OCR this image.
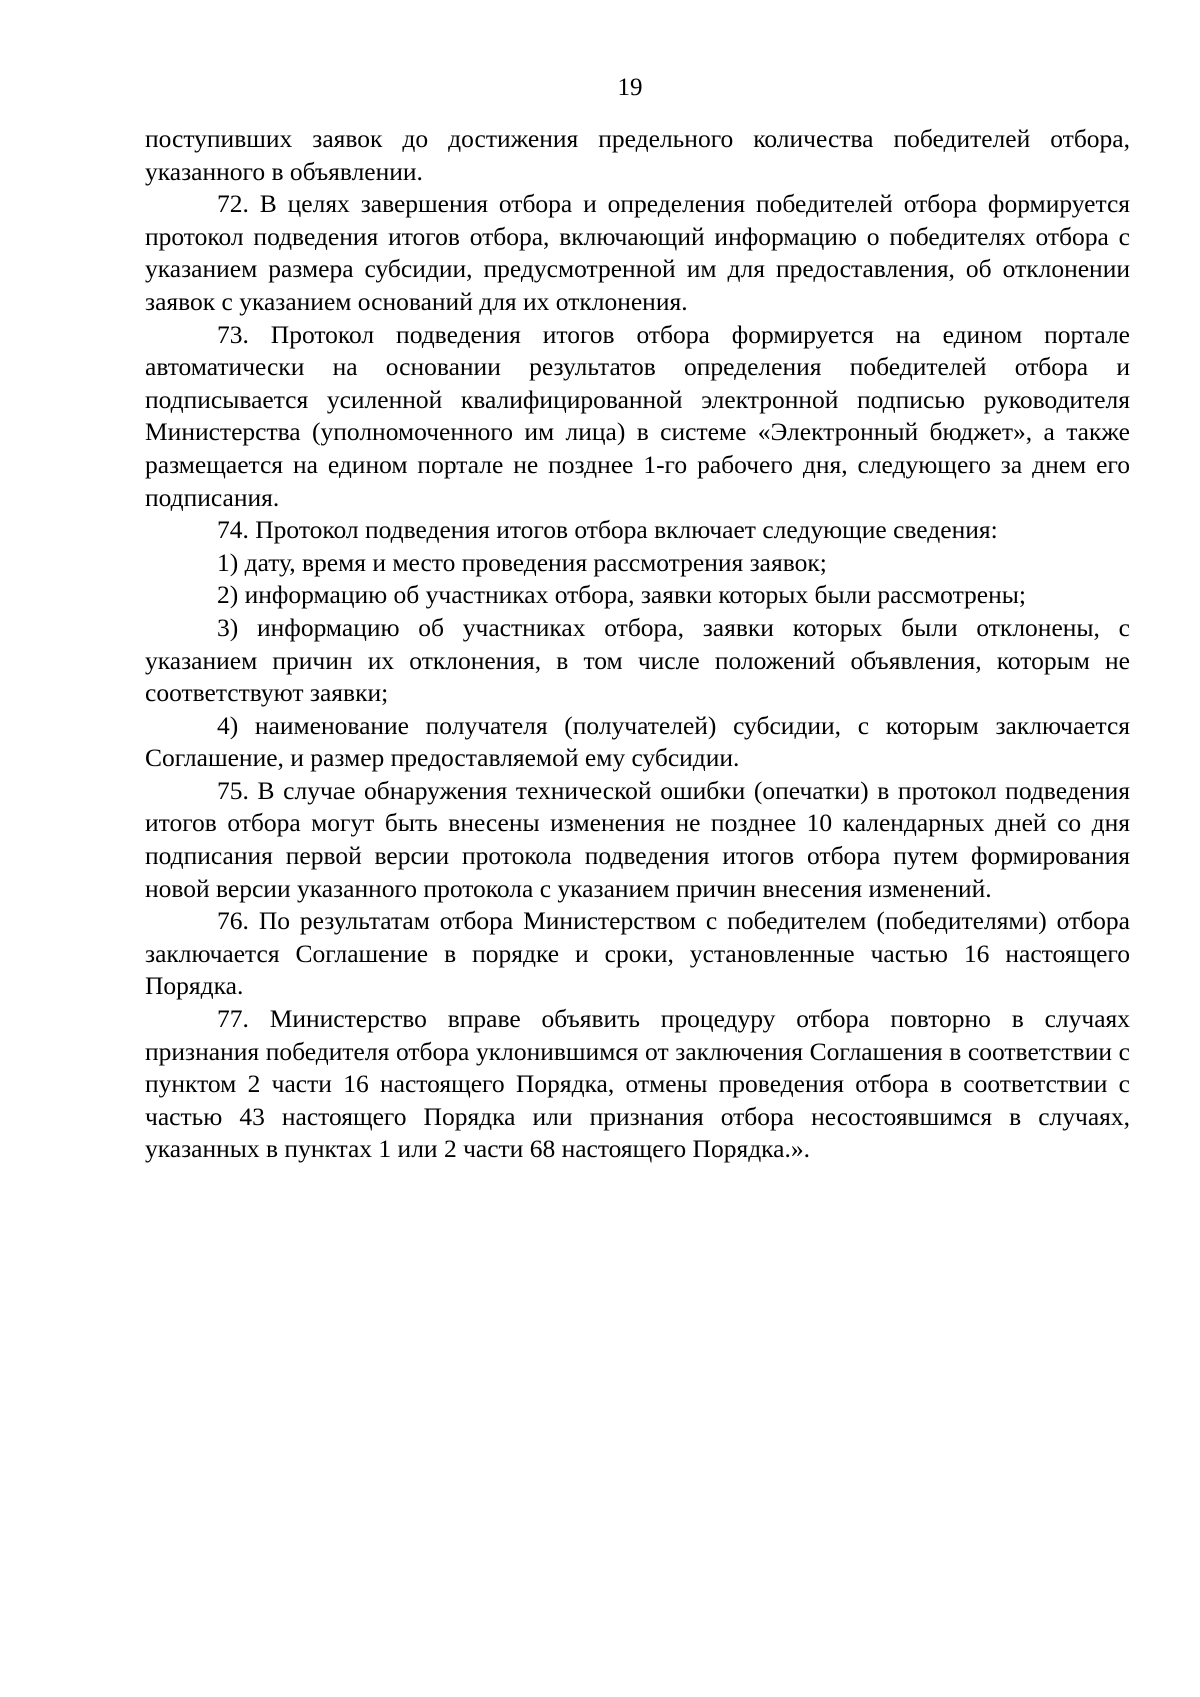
19

поступивших заявок до достижения предельного количества победителей отбора, указанного в объявлении.

72. В целях завершения отбора и определения победителей отбора формируется протокол подведения итогов отбора, включающий информацию о победителях отбора с указанием размера субсидии, предусмотренной им для предоставления, об отклонении заявок с указанием оснований для их отклонения.

73. Протокол подведения итогов отбора формируется на едином портале автоматически на основании результатов определения победителей отбора и подписывается усиленной квалифицированной электронной подписью руководителя Министерства (уполномоченного им лица) в системе «Электронный бюджет», а также размещается на едином портале не позднее 1-го рабочего дня, следующего за днем его подписания.

74. Протокол подведения итогов отбора включает следующие сведения:

1) дату, время и место проведения рассмотрения заявок;

2) информацию об участниках отбора, заявки которых были рассмотрены;

3) информацию об участниках отбора, заявки которых были отклонены, с указанием причин их отклонения, в том числе положений объявления, которым не соответствуют заявки;

4) наименование получателя (получателей) субсидии, с которым заключается Соглашение, и размер предоставляемой ему субсидии.

75. В случае обнаружения технической ошибки (опечатки) в протокол подведения итогов отбора могут быть внесены изменения не позднее 10 календарных дней со дня подписания первой версии протокола подведения итогов отбора путем формирования новой версии указанного протокола с указанием причин внесения изменений.

76. По результатам отбора Министерством с победителем (победителями) отбора заключается Соглашение в порядке и сроки, установленные частью 16 настоящего Порядка.

77. Министерство вправе объявить процедуру отбора повторно в случаях признания победителя отбора уклонившимся от заключения Соглашения в соответствии с пунктом 2 части 16 настоящего Порядка, отмены проведения отбора в соответствии с частью 43 настоящего Порядка или признания отбора несостоявшимся в случаях, указанных в пунктах 1 или 2 части 68 настоящего Порядка.».
